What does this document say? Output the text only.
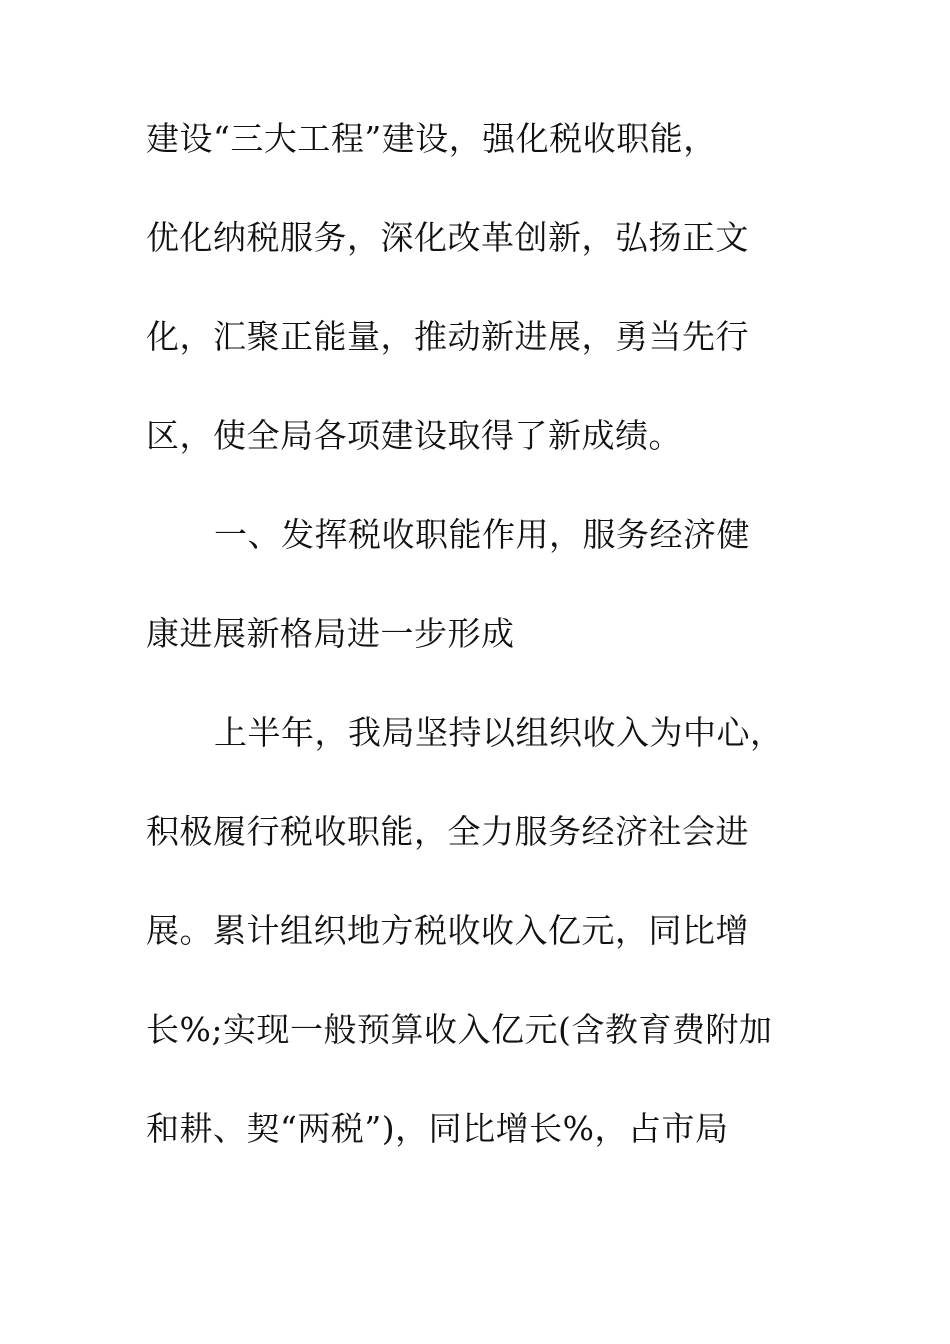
建设“三大工程”建设，强化税收职能，

优化纳税服务，深化改革创新，弘扬正文

化，汇聚正能量，推动新进展，勇当先行

区，使全局各项建设取得了新成绩。

一、发挥税收职能作用，服务经济健

康进展新格局进一步形成

上半年，我局坚持以组织收入为中心，

积极履行税收职能，全力服务经济社会进

展。累计组织地方税收收入亿元，同比增

长%;实现一般预算收入亿元(含教育费附加

和耕、契“两税”)，同比增长%，占市局
